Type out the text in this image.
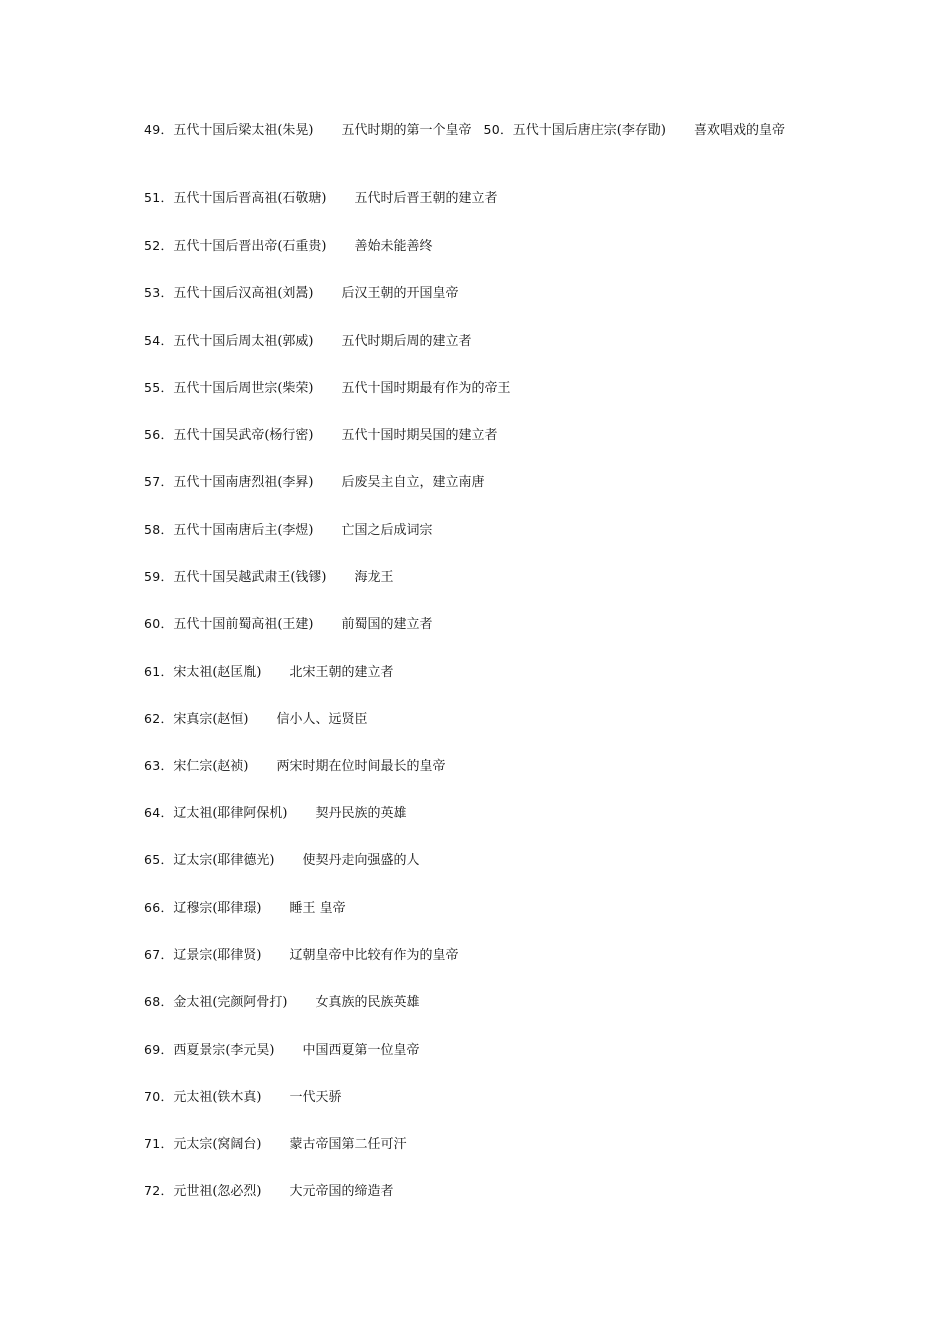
49．五代十国后梁太祖(朱晃) 五代时期的第一个皇帝 50．五代十国后唐庄宗(李存勖) 喜欢唱戏的皇帝
51．五代十国后晋高祖(石敬瑭) 五代时后晋王朝的建立者
52．五代十国后晋出帝(石重贵) 善始未能善终
53．五代十国后汉高祖(刘暠) 后汉王朝的开国皇帝
54．五代十国后周太祖(郭威) 五代时期后周的建立者
55．五代十国后周世宗(柴荣) 五代十国时期最有作为的帝王
56．五代十国吴武帝(杨行密) 五代十国时期吴国的建立者
57．五代十国南唐烈祖(李昪) 后废吴主自立，建立南唐
58．五代十国南唐后主(李煜) 亡国之后成词宗
59．五代十国吴越武肃王(钱镠) 海龙王
60．五代十国前蜀高祖(王建) 前蜀国的建立者
61．宋太祖(赵匡胤) 北宋王朝的建立者
62．宋真宗(赵恒) 信小人、远贤臣
63．宋仁宗(赵祯) 两宋时期在位时间最长的皇帝
64．辽太祖(耶律阿保机) 契丹民族的英雄
65．辽太宗(耶律德光) 使契丹走向强盛的人
66．辽穆宗(耶律璟) 睡王 皇帝
67．辽景宗(耶律贤) 辽朝皇帝中比较有作为的皇帝
68．金太祖(完颜阿骨打) 女真族的民族英雄
69．西夏景宗(李元昊) 中国西夏第一位皇帝
70．元太祖(铁木真) 一代天骄
71．元太宗(窝阔台) 蒙古帝国第二任可汗
72．元世祖(忽必烈) 大元帝国的缔造者
